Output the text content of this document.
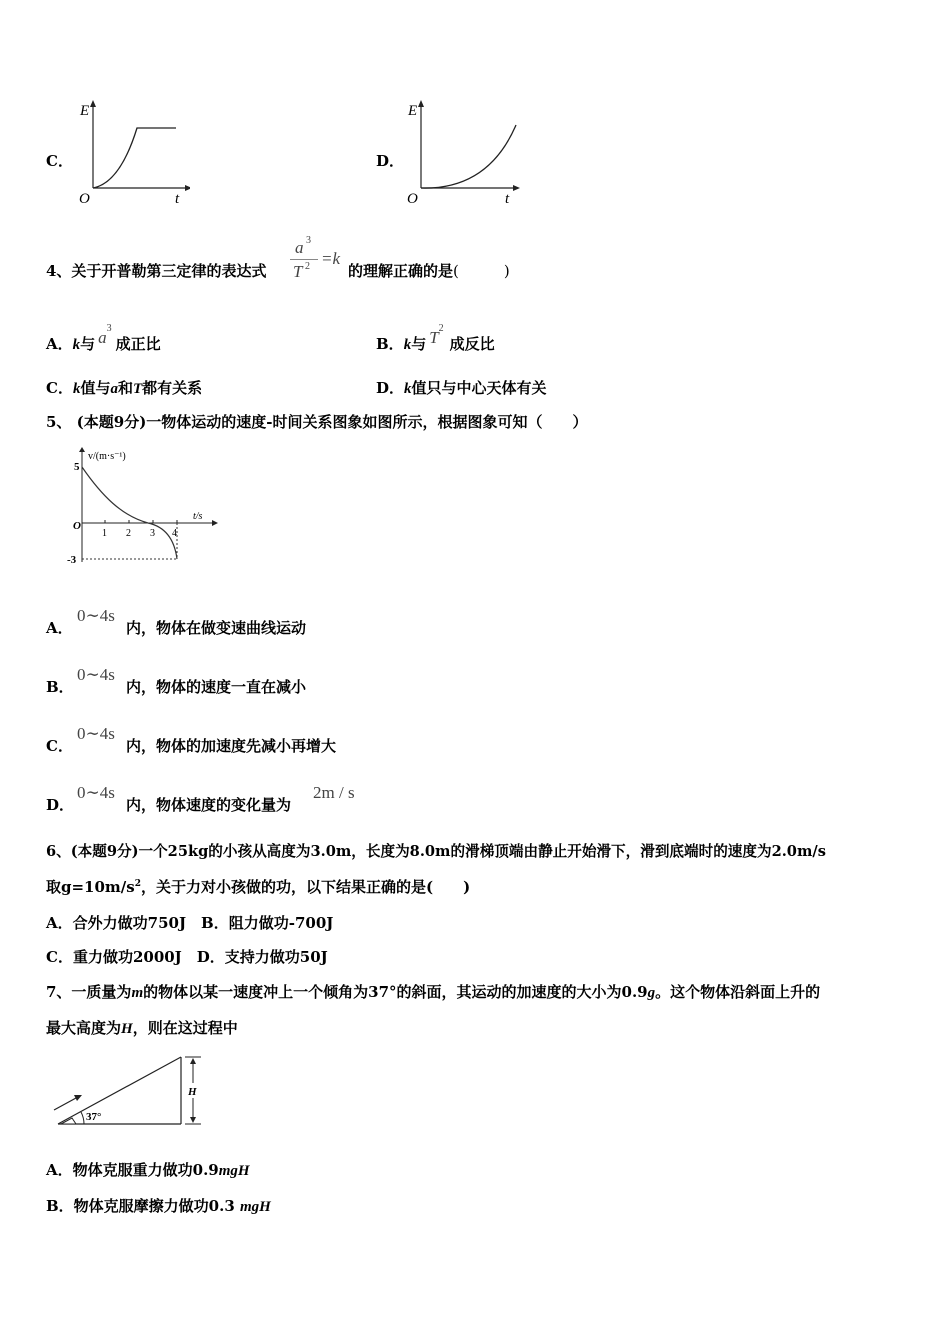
C．
E
O	t
D．
E
O	t
4、关于开普勒第三定律的表达式
a 3
T 2 =k
的理解正确的是(　　　)
A．k与 $a^3$成正比	B．k与 $T^2$成反比
C．k值与a和T都有关系	D．k值只与中心天体有关
5、 (本题9分)一物体运动的速度-时间关系图象如图所示，根据图象可知（　　）
v/(m·s⁻¹)
t/s
O
5
-3
1 2 3 4
A．
0∼4s
内，物体在做变速曲线运动
B．
0∼4s
内，物体的速度一直在减小
C．
0∼4s
内，物体的加速度先减小再增大
D．
0∼4s
内，物体速度的变化量为
2m / s
6、(本题9分)一个25kg的小孩从高度为3.0m，长度为8.0m的滑梯顶端由静止开始滑下，滑到底端时的速度为2.0m/s
取$g=10m/s^2$，关于力对小孩做的功，以下结果正确的是(　　)
A．合外力做功750J　B．阻力做功-700J
C．重力做功2000J　D．支持力做功50J
7、一质量为m的物体以某一速度冲上一个倾角为37°的斜面，其运动的加速度的大小为0.9g。这个物体沿斜面上升的
最大高度为H，则在这过程中
H
37°
A．物体克服重力做功0.9mgH
B．物体克服摩擦力做功0.3 mgH
